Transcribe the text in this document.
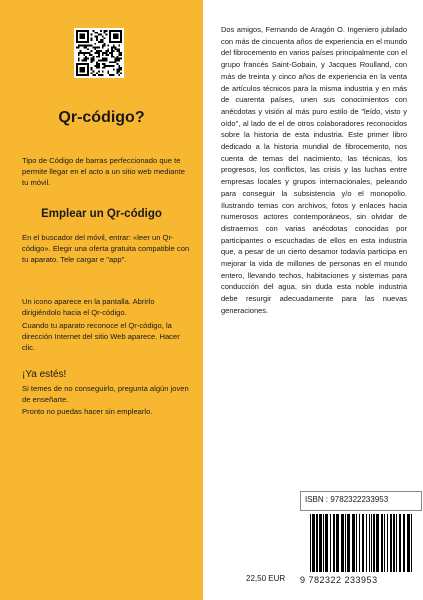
Qr-código?
Tipo de Código de barras perfeccionado que te permite llegar en el acto a un sitio web mediante tu móvil.
Emplear un Qr-código
En el buscador del móvil, entrar: «leer un Qr-código». Elegir una oferta gratuita compatible con tu aparato. Tele cargar e "app".
Un icono aparece en la pantalla. Abrirlo dirigiéndolo hacia el Qr-código.
Cuando tu aparato reconoce el Qr-código, la dirección Internet del sitio Web aparece. Hacer clic.
¡Ya estés!
Si temes de no conseguirlo, pregunta algún joven de enseñarte.
Pronto no puedas hacer sin emplearlo.
Dos amigos, Fernando de Aragón O. Ingeniero jubilado con más de cincuenta años de experiencia en el mundo del fibrocemento en varios países principalmente con el grupo francés Saint-Gobain, y Jacques Roulland, con más de treinta y cinco años de experiencia en la venta de artículos técnicos para la misma industria y en más de cuarenta países, unen sus conocimientos con anécdotas y visión al más puro estilo de "leído, visto y oído", al lado de el de otros colaboradores reconocidos sobre la historia de esta industria. Este primer libro dedicado a la historia mundial de fibrocemento, nos cuenta de temas del nacimiento, las técnicas, los progresos, los conflictos, las crisis y las luchas entre empresas locales y grupos internacionales, peleando para conseguir la subsistencia y/o el monopolio. Ilustrando temas con archivos, fotos y enlaces hacia numerosos actores contemporáneos, sin olvidar de distraernos con varias anécdotas conocidas por participantes o escuchadas de ellos en esta industria que, a pesar de un cierto desamor todavía participa en mejorar la vida de millones de personas en el mundo entero, llevando techos, habitaciones y sistemas para conducción del agua, sin duda esta noble industria debe resurgir adecuadamente para las nuevas generaciones.
ISBN : 9782322233953
9 782322 233953
22,50 EUR
